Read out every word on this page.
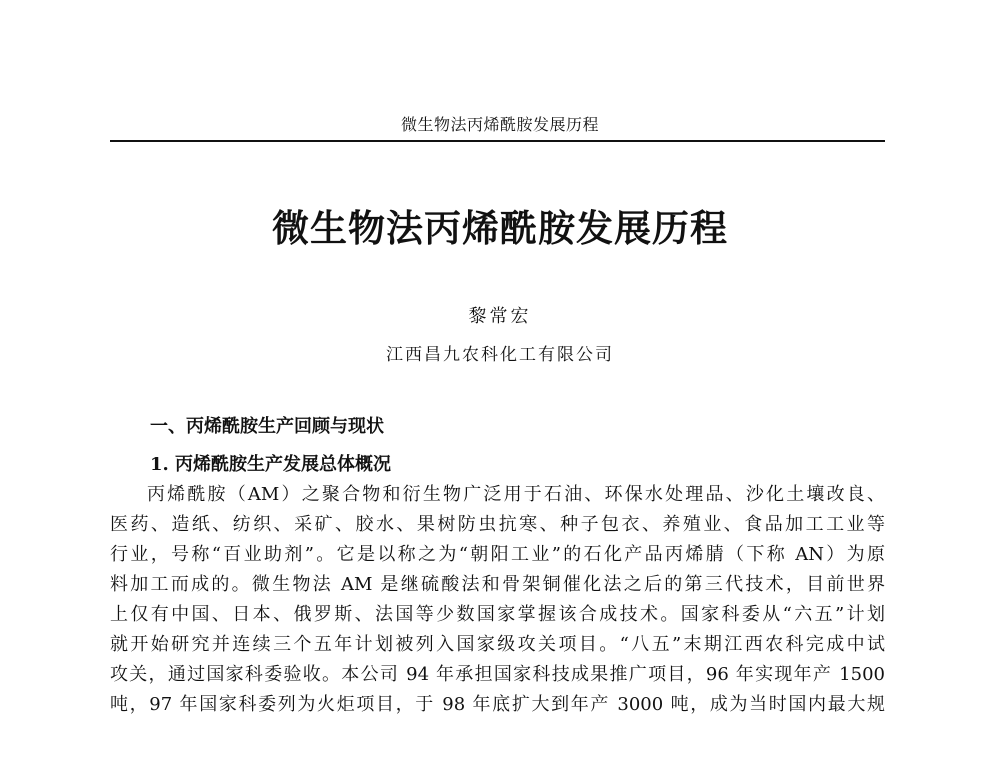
微生物法丙烯酰胺发展历程
微生物法丙烯酰胺发展历程
黎常宏
江西昌九农科化工有限公司
一、丙烯酰胺生产回顾与现状
1. 丙烯酰胺生产发展总体概况
丙烯酰胺（AM）之聚合物和衍生物广泛用于石油、环保水处理品、沙化土壤改良、
医药、造纸、纺织、采矿、胶水、果树防虫抗寒、种子包衣、养殖业、食品加工工业等
行业，号称“百业助剂”。它是以称之为“朝阳工业”的石化产品丙烯腈（下称 AN）为原
料加工而成的。微生物法 AM 是继硫酸法和骨架铜催化法之后的第三代技术，目前世界
上仅有中国、日本、俄罗斯、法国等少数国家掌握该合成技术。国家科委从“六五”计划
就开始研究并连续三个五年计划被列入国家级攻关项目。“八五”末期江西农科完成中试
攻关，通过国家科委验收。本公司 94 年承担国家科技成果推广项目，96 年实现年产 1500
吨，97 年国家科委列为火炬项目，于 98 年底扩大到年产 3000 吨，成为当时国内最大规
